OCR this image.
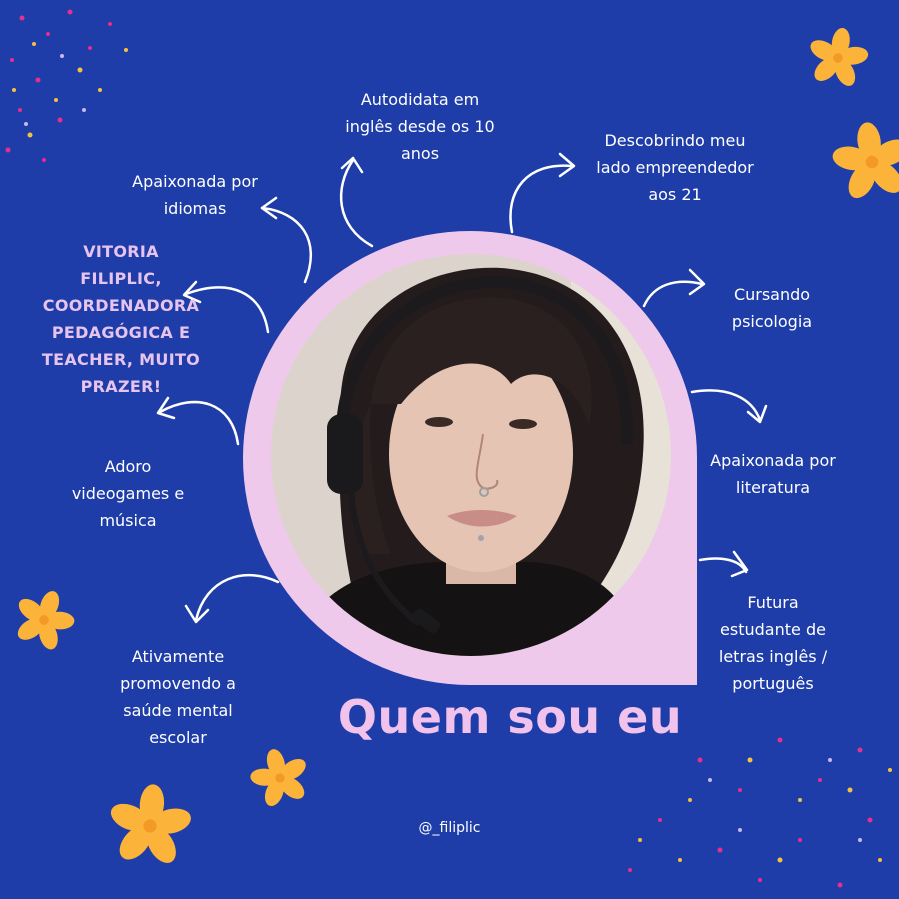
Autodidata em
inglês desde os 10
anos
Descobrindo meu
lado empreendedor
aos 21
Apaixonada por
idiomas
VITORIA
FILIPLIC,
COORDENADORA
PEDAGÓGICA E
TEACHER, MUITO
PRAZER!
Cursando
psicologia
Adoro
videogames e
música
Apaixonada por
literatura
Futura
estudante de
letras inglês /
português
Ativamente
promovendo a
saúde mental
escolar	Quem sou eu
@_filiplic
